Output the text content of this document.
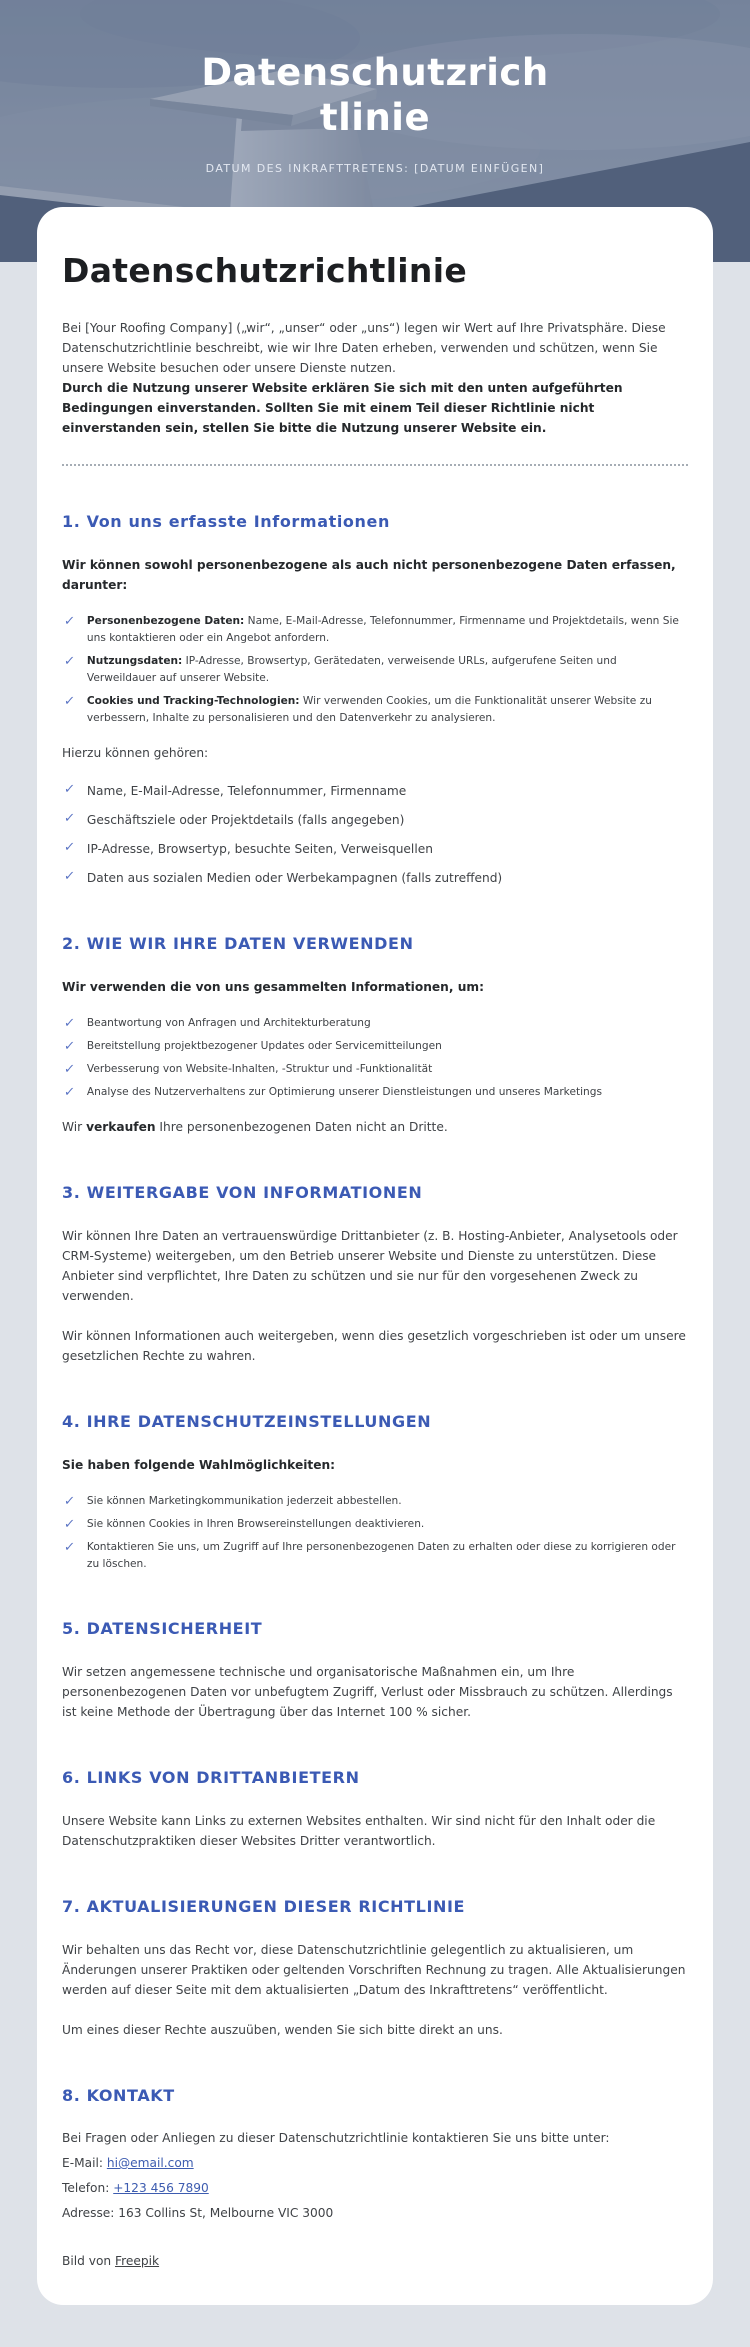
Datenschutzrich
tlinie
DATUM DES INKRAFTTRETENS: [DATUM EINFÜGEN]
Datenschutzrichtlinie

Bei [Your Roofing Company] („wir“, „unser“ oder „uns“) legen wir Wert auf Ihre Privatsphäre. Diese Datenschutzrichtlinie beschreibt, wie wir Ihre Daten erheben, verwenden und schützen, wenn Sie unsere Website besuchen oder unsere Dienste nutzen.

Durch die Nutzung unserer Website erklären Sie sich mit den unten aufgeführten Bedingungen einverstanden. Sollten Sie mit einem Teil dieser Richtlinie nicht einverstanden sein, stellen Sie bitte die Nutzung unserer Website ein.

1. Von uns erfasste Informationen

Wir können sowohl personenbezogene als auch nicht personenbezogene Daten erfassen, darunter:

✓ Personenbezogene Daten: Name, E-Mail-Adresse, Telefonnummer, Firmenname und Projektdetails, wenn Sie uns kontaktieren oder ein Angebot anfordern.
✓ Nutzungsdaten: IP-Adresse, Browsertyp, Gerätedaten, verweisende URLs, aufgerufene Seiten und Verweildauer auf unserer Website.
✓ Cookies und Tracking-Technologien: Wir verwenden Cookies, um die Funktionalität unserer Website zu verbessern, Inhalte zu personalisieren und den Datenverkehr zu analysieren.

Hierzu können gehören:

✓ Name, E-Mail-Adresse, Telefonnummer, Firmenname
✓ Geschäftsziele oder Projektdetails (falls angegeben)
✓ IP-Adresse, Browsertyp, besuchte Seiten, Verweisquellen
✓ Daten aus sozialen Medien oder Werbekampagnen (falls zutreffend)
2. WIE WIR IHRE DATEN VERWENDEN

Wir verwenden die von uns gesammelten Informationen, um:

✓ Beantwortung von Anfragen und Architekturberatung
✓ Bereitstellung projektbezogener Updates oder Servicemitteilungen
✓ Verbesserung von Website-Inhalten, -Struktur und -Funktionalität
✓ Analyse des Nutzerverhaltens zur Optimierung unserer Dienstleistungen und unseres Marketings

Wir verkaufen Ihre personenbezogenen Daten nicht an Dritte.

3. WEITERGABE VON INFORMATIONEN

Wir können Ihre Daten an vertrauenswürdige Drittanbieter (z. B. Hosting-Anbieter, Analysetools oder CRM-Systeme) weitergeben, um den Betrieb unserer Website und Dienste zu unterstützen. Diese Anbieter sind verpflichtet, Ihre Daten zu schützen und sie nur für den vorgesehenen Zweck zu verwenden.

Wir können Informationen auch weitergeben, wenn dies gesetzlich vorgeschrieben ist oder um unsere gesetzlichen Rechte zu wahren.

4. IHRE DATENSCHUTZEINSTELLUNGEN

Sie haben folgende Wahlmöglichkeiten:

✓ Sie können Marketingkommunikation jederzeit abbestellen.
✓ Sie können Cookies in Ihren Browsereinstellungen deaktivieren.
✓ Kontaktieren Sie uns, um Zugriff auf Ihre personenbezogenen Daten zu erhalten oder diese zu korrigieren oder zu löschen.
5. DATENSICHERHEIT

Wir setzen angemessene technische und organisatorische Maßnahmen ein, um Ihre personenbezogenen Daten vor unbefugtem Zugriff, Verlust oder Missbrauch zu schützen. Allerdings ist keine Methode der Übertragung über das Internet 100 % sicher.

6. LINKS VON DRITTANBIETERN

Unsere Website kann Links zu externen Websites enthalten. Wir sind nicht für den Inhalt oder die Datenschutzpraktiken dieser Websites Dritter verantwortlich.

7. AKTUALISIERUNGEN DIESER RICHTLINIE

Wir behalten uns das Recht vor, diese Datenschutzrichtlinie gelegentlich zu aktualisieren, um Änderungen unserer Praktiken oder geltenden Vorschriften Rechnung zu tragen. Alle Aktualisierungen werden auf dieser Seite mit dem aktualisierten „Datum des Inkrafttretens“ veröffentlicht.

Um eines dieser Rechte auszuüben, wenden Sie sich bitte direkt an uns.

8. KONTAKT

Bei Fragen oder Anliegen zu dieser Datenschutzrichtlinie kontaktieren Sie uns bitte unter:

E-Mail: hi@email.com

Telefon: +123 456 7890

Adresse: 163 Collins St, Melbourne VIC 3000

Bild von Freepik
